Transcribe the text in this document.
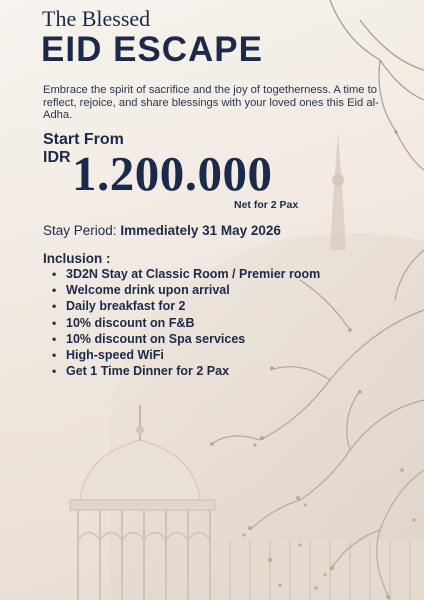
The Blessed
EID ESCAPE
Embrace the spirit of sacrifice and the joy of togetherness. A time to reflect, rejoice, and share blessings with your loved ones this Eid al-Adha.
Start From
IDR 1.200.000
Net for 2 Pax
Stay Period: Immediately 31 May 2026
Inclusion :
• 3D2N Stay at Classic Room / Premier room
• Welcome drink upon arrival
• Daily breakfast for 2
• 10% discount on F&B
• 10% discount on Spa services
• High-speed WiFi
• Get 1 Time Dinner for 2 Pax
